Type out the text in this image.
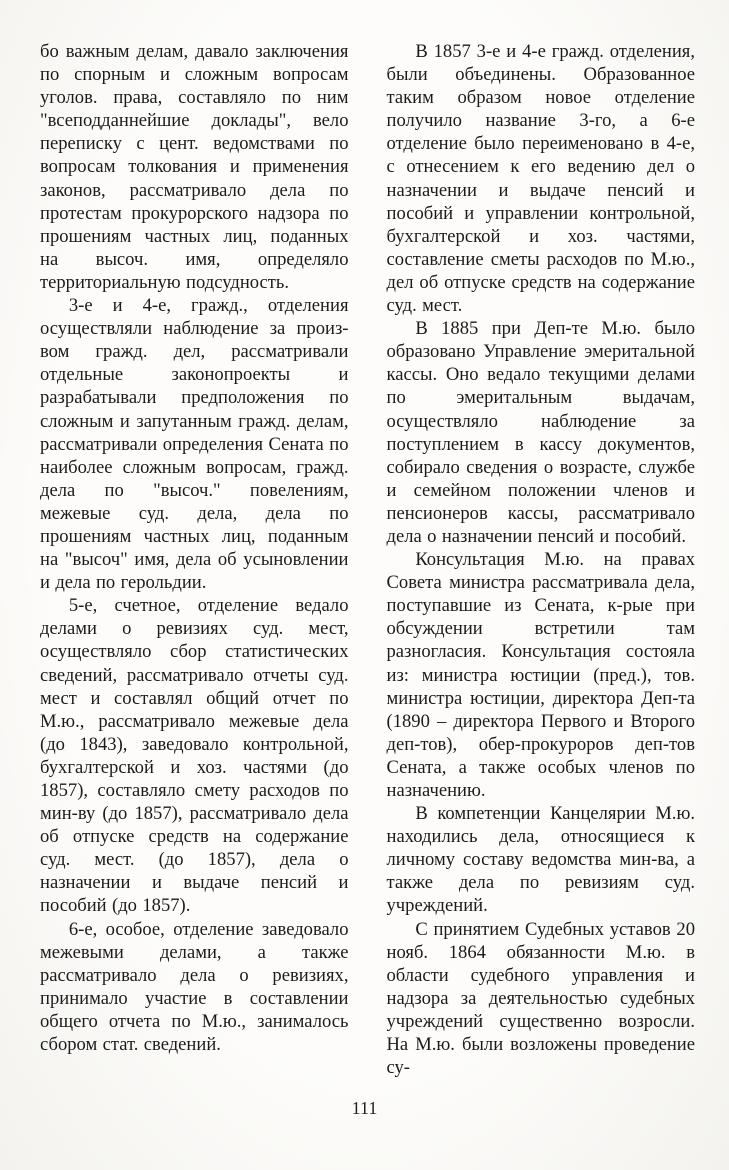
бо важным делам, давало заключения по спорным и сложным вопросам уголов. права, составляло по ним "всеподданнейшие доклады", вело переписку с цент. ведомствами по вопросам толкования и применения законов, рассматривало дела по протестам прокурорского надзора по прошениям частных лиц, поданных на высоч. имя, определяло территориальную подсудность.

3-е и 4-е, гражд., отделения осуществляли наблюдение за произ-вом гражд. дел, рассматривали отдельные законопроекты и разрабатывали предположения по сложным и запутанным гражд. делам, рассматривали определения Сената по наиболее сложным вопросам, гражд. дела по "высоч." повелениям, межевые суд. дела, дела по прошениям частных лиц, поданным на "высоч" имя, дела об усыновлении и дела по герольдии.

5-е, счетное, отделение ведало делами о ревизиях суд. мест, осуществляло сбор статистических сведений, рассматривало отчеты суд. мест и составлял общий отчет по М.ю., рассматривало межевые дела (до 1843), заведовало контрольной, бухгалтерской и хоз. частями (до 1857), составляло смету расходов по мин-ву (до 1857), рассматривало дела об отпуске средств на содержание суд. мест. (до 1857), дела о назначении и выдаче пенсий и пособий (до 1857).

6-е, особое, отделение заведовало межевыми делами, а также рассматривало дела о ревизиях, принимало участие в составлении общего отчета по М.ю., занималось сбором стат. сведений.

В 1857 3-е и 4-е гражд. отделения, были объединены. Образованное таким образом новое отделение получило название 3-го, а 6-е отделение было переименовано в 4-е, с отнесением к его ведению дел о назначении и выдаче пенсий и пособий и управлении контрольной, бухгалтерской и хоз. частями, составление сметы расходов по М.ю., дел об отпуске средств на содержание суд. мест.

В 1885 при Деп-те М.ю. было образовано Управление эмеритальной кассы. Оно ведало текущими делами по эмеритальным выдачам, осуществляло наблюдение за поступлением в кассу документов, собирало сведения о возрасте, службе и семейном положении членов и пенсионеров кассы, рассматривало дела о назначении пенсий и пособий.

Консультация М.ю. на правах Совета министра рассматривала дела, поступавшие из Сената, к-рые при обсуждении встретили там разногласия. Консультация состояла из: министра юстиции (пред.), тов. министра юстиции, директора Деп-та (1890 – директора Первого и Второго деп-тов), обер-прокуроров деп-тов Сената, а также особых членов по назначению.

В компетенции Канцелярии М.ю. находились дела, относящиеся к личному составу ведомства мин-ва, а также дела по ревизиям суд. учреждений.

С принятием Судебных уставов 20 нояб. 1864 обязанности М.ю. в области судебного управления и надзора за деятельностью судебных учреждений существенно возросли. На М.ю. были возложены проведение су-

111
